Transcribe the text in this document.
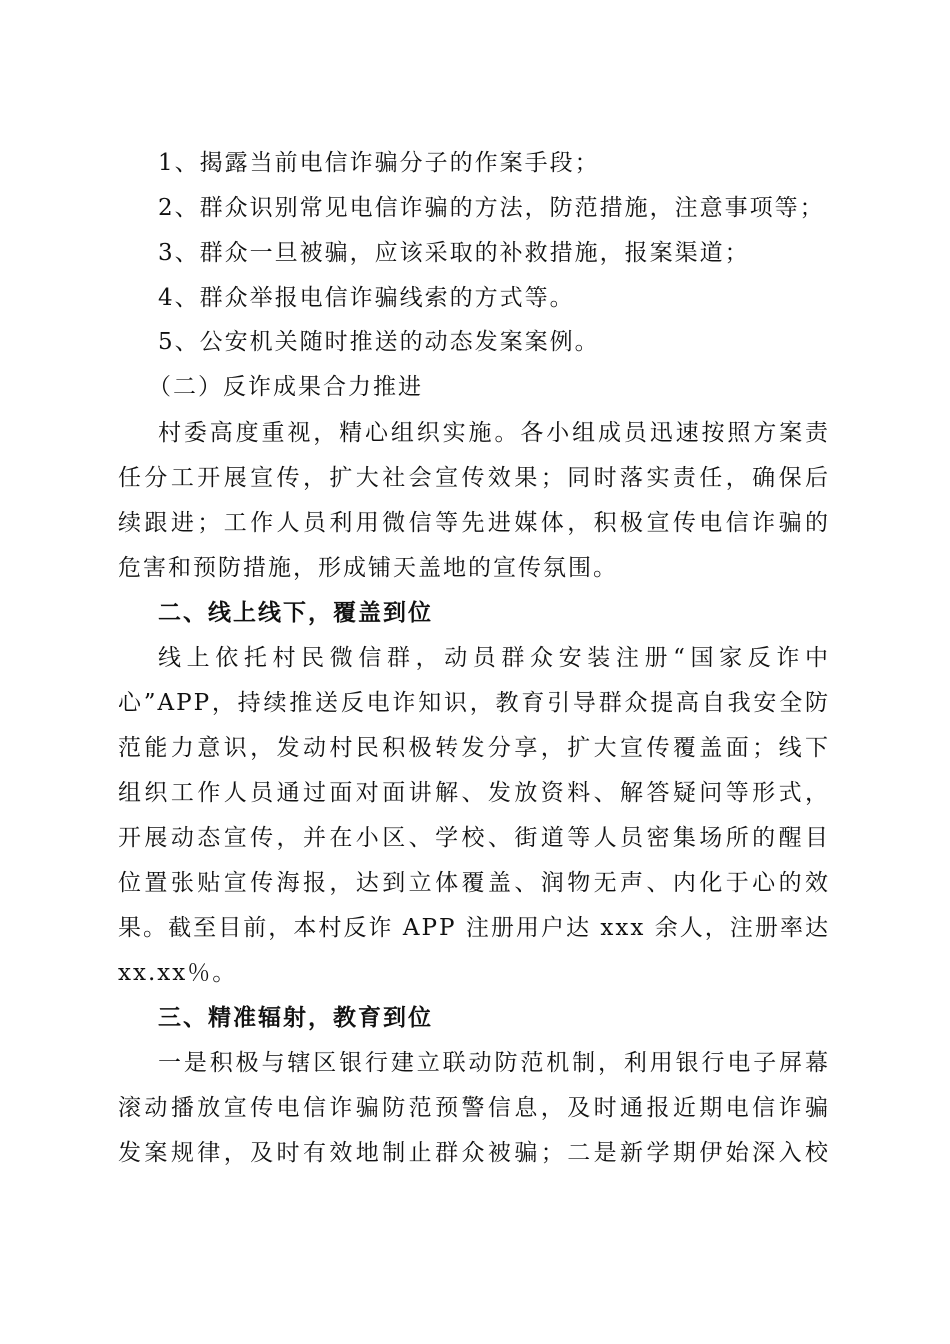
1、揭露当前电信诈骗分子的作案手段；
2、群众识别常见电信诈骗的方法，防范措施，注意事项等；
3、群众一旦被骗，应该采取的补救措施，报案渠道；
4、群众举报电信诈骗线索的方式等。
5、公安机关随时推送的动态发案案例。
（二）反诈成果合力推进
村委高度重视，精心组织实施。各小组成员迅速按照方案责
任分工开展宣传，扩大社会宣传效果；同时落实责任，确保后
续跟进；工作人员利用微信等先进媒体，积极宣传电信诈骗的
危害和预防措施，形成铺天盖地的宣传氛围。
二、线上线下，覆盖到位
线上依托村民微信群，动员群众安装注册“国家反诈中
心”APP，持续推送反电诈知识，教育引导群众提高自我安全防
范能力意识，发动村民积极转发分享，扩大宣传覆盖面；线下
组织工作人员通过面对面讲解、发放资料、解答疑问等形式，
开展动态宣传，并在小区、学校、街道等人员密集场所的醒目
位置张贴宣传海报，达到立体覆盖、润物无声、内化于心的效
果。截至目前，本村反诈 APP 注册用户达 xxx 余人，注册率达
xx.xx％。
三、精准辐射，教育到位
一是积极与辖区银行建立联动防范机制，利用银行电子屏幕
滚动播放宣传电信诈骗防范预警信息，及时通报近期电信诈骗
发案规律，及时有效地制止群众被骗；二是新学期伊始深入校
